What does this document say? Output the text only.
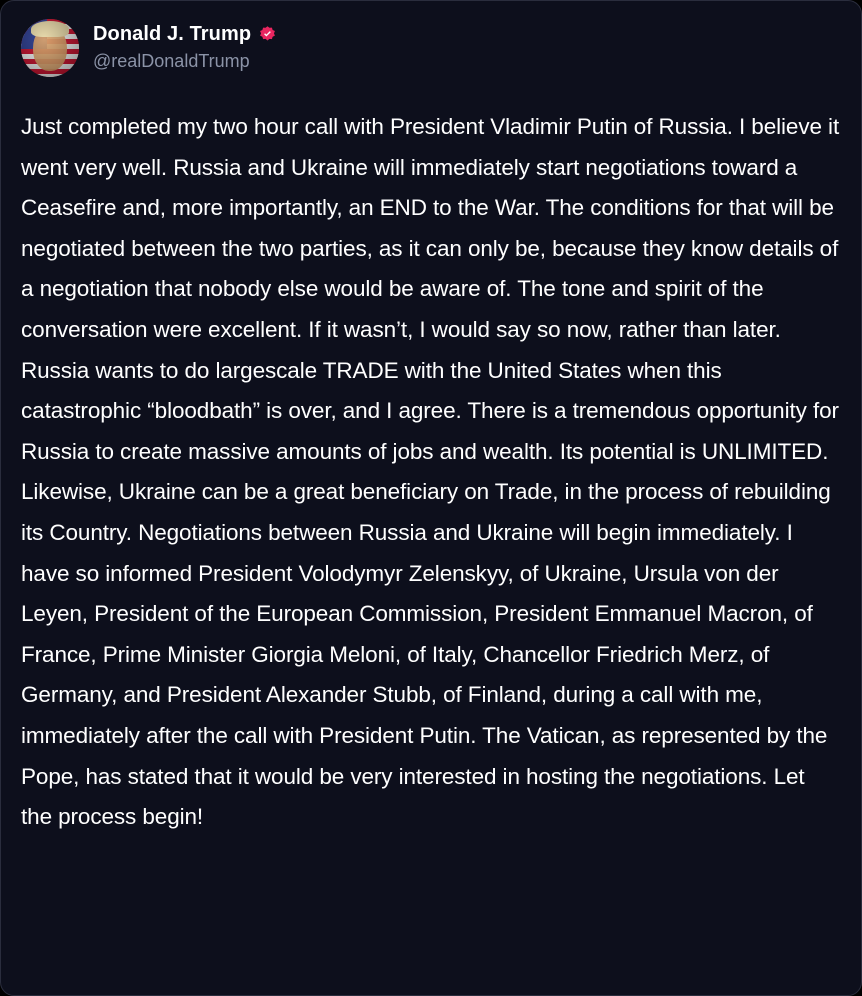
Donald J. Trump
@realDonaldTrump
Just completed my two hour call with President Vladimir Putin of Russia. I believe it went very well. Russia and Ukraine will immediately start negotiations toward a Ceasefire and, more importantly, an END to the War. The conditions for that will be negotiated between the two parties, as it can only be, because they know details of a negotiation that nobody else would be aware of. The tone and spirit of the conversation were excellent. If it wasn’t, I would say so now, rather than later. Russia wants to do largescale TRADE with the United States when this catastrophic “bloodbath” is over, and I agree. There is a tremendous opportunity for Russia to create massive amounts of jobs and wealth. Its potential is UNLIMITED. Likewise, Ukraine can be a great beneficiary on Trade, in the process of rebuilding its Country. Negotiations between Russia and Ukraine will begin immediately. I have so informed President Volodymyr Zelenskyy, of Ukraine, Ursula von der Leyen, President of the European Commission, President Emmanuel Macron, of France, Prime Minister Giorgia Meloni, of Italy, Chancellor Friedrich Merz, of Germany, and President Alexander Stubb, of Finland, during a call with me, immediately after the call with President Putin. The Vatican, as represented by the Pope, has stated that it would be very interested in hosting the negotiations. Let the process begin!
